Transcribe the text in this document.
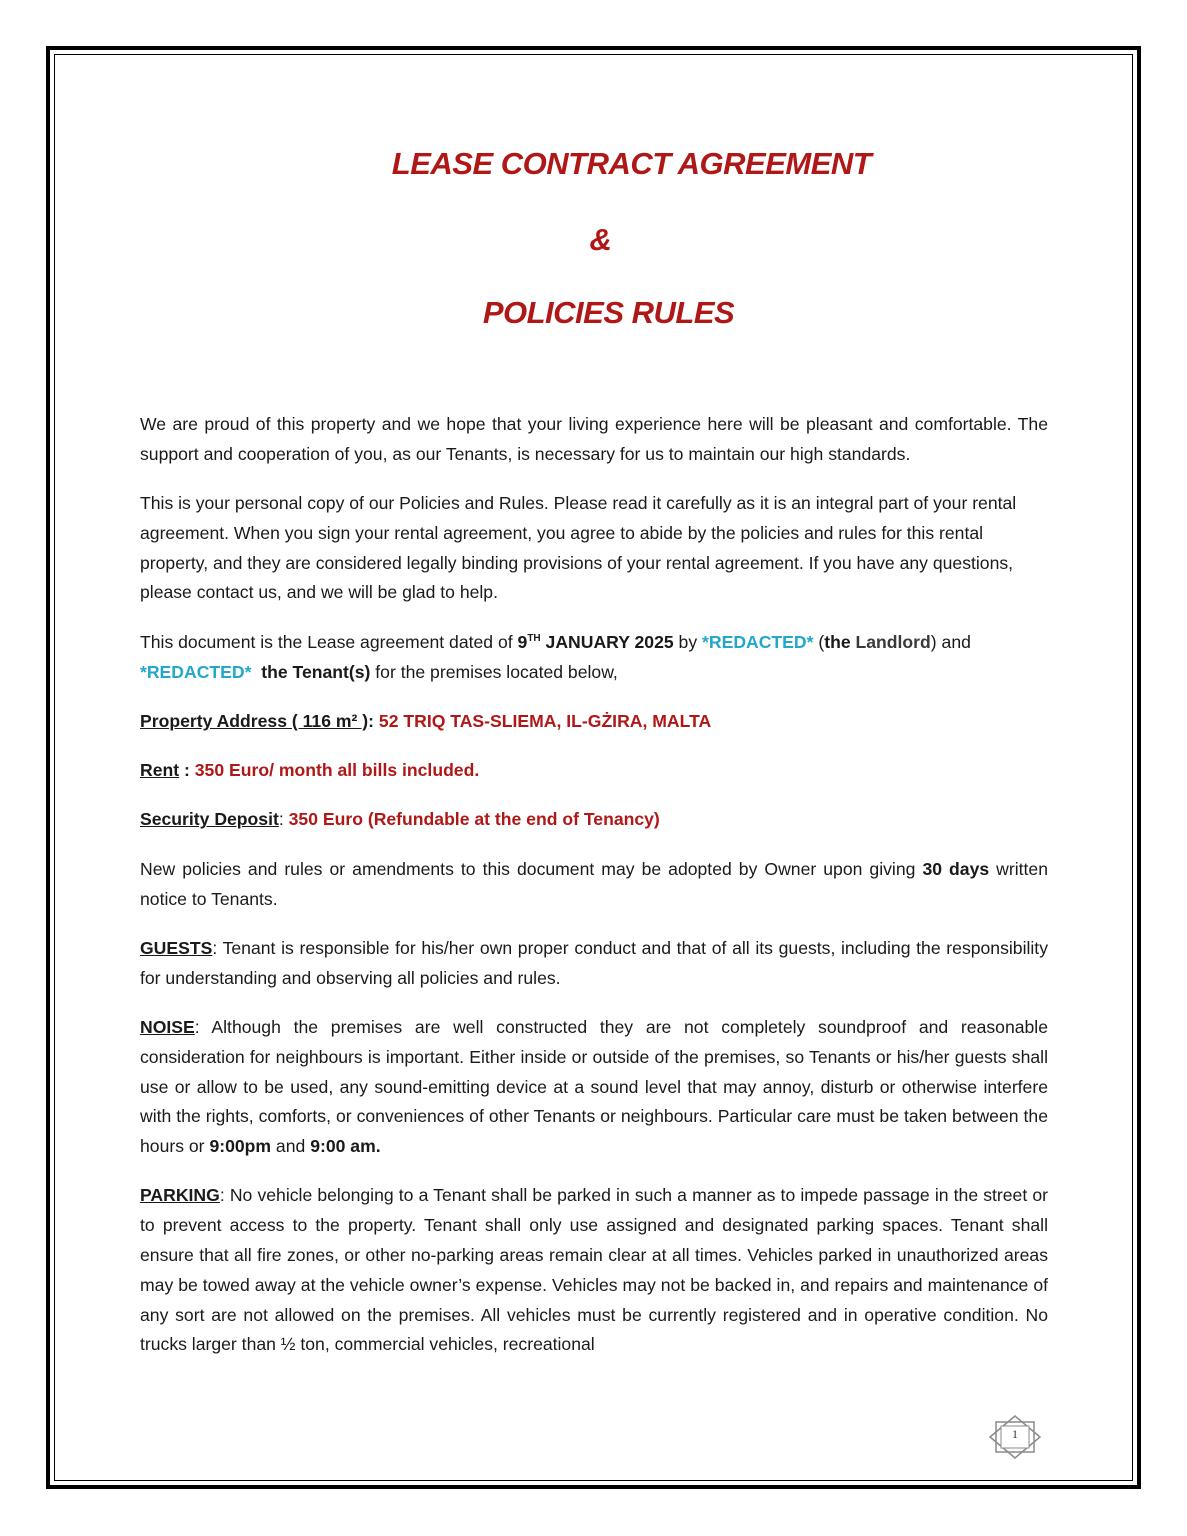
LEASE CONTRACT AGREEMENT
&
POLICIES RULES

We are proud of this property and we hope that your living experience here will be pleasant and comfortable. The support and cooperation of you, as our Tenants, is necessary for us to maintain our high standards.

This is your personal copy of our Policies and Rules. Please read it carefully as it is an integral part of your rental agreement. When you sign your rental agreement, you agree to abide by the policies and rules for this rental property, and they are considered legally binding provisions of your rental agreement. If you have any questions, please contact us, and we will be glad to help.

This document is the Lease agreement dated of 9TH JANUARY 2025 by *REDACTED* (the Landlord) and
*REDACTED*  the Tenant(s) for the premises located below,

Property Address ( 116 m² ): 52 TRIQ TAS-SLIEMA, IL-GŻIRA, MALTA

Rent : 350 Euro/ month all bills included.

Security Deposit: 350 Euro (Refundable at the end of Tenancy)

New policies and rules or amendments to this document may be adopted by Owner upon giving 30 days written notice to Tenants.

GUESTS: Tenant is responsible for his/her own proper conduct and that of all its guests, including the responsibility for understanding and observing all policies and rules.

NOISE: Although the premises are well constructed they are not completely soundproof and reasonable consideration for neighbours is important. Either inside or outside of the premises, so Tenants or his/her guests shall use or allow to be used, any sound-emitting device at a sound level that may annoy, disturb or otherwise interfere with the rights, comforts, or conveniences of other Tenants or neighbours. Particular care must be taken between the hours or 9:00pm and 9:00 am.

PARKING: No vehicle belonging to a Tenant shall be parked in such a manner as to impede passage in the street or to prevent access to the property. Tenant shall only use assigned and designated parking spaces. Tenant shall ensure that all fire zones, or other no-parking areas remain clear at all times. Vehicles parked in unauthorized areas may be towed away at the vehicle owner’s expense. Vehicles may not be backed in, and repairs and maintenance of any sort are not allowed on the premises. All vehicles must be currently registered and in operative condition. No trucks larger than ½ ton, commercial vehicles, recreational

1
